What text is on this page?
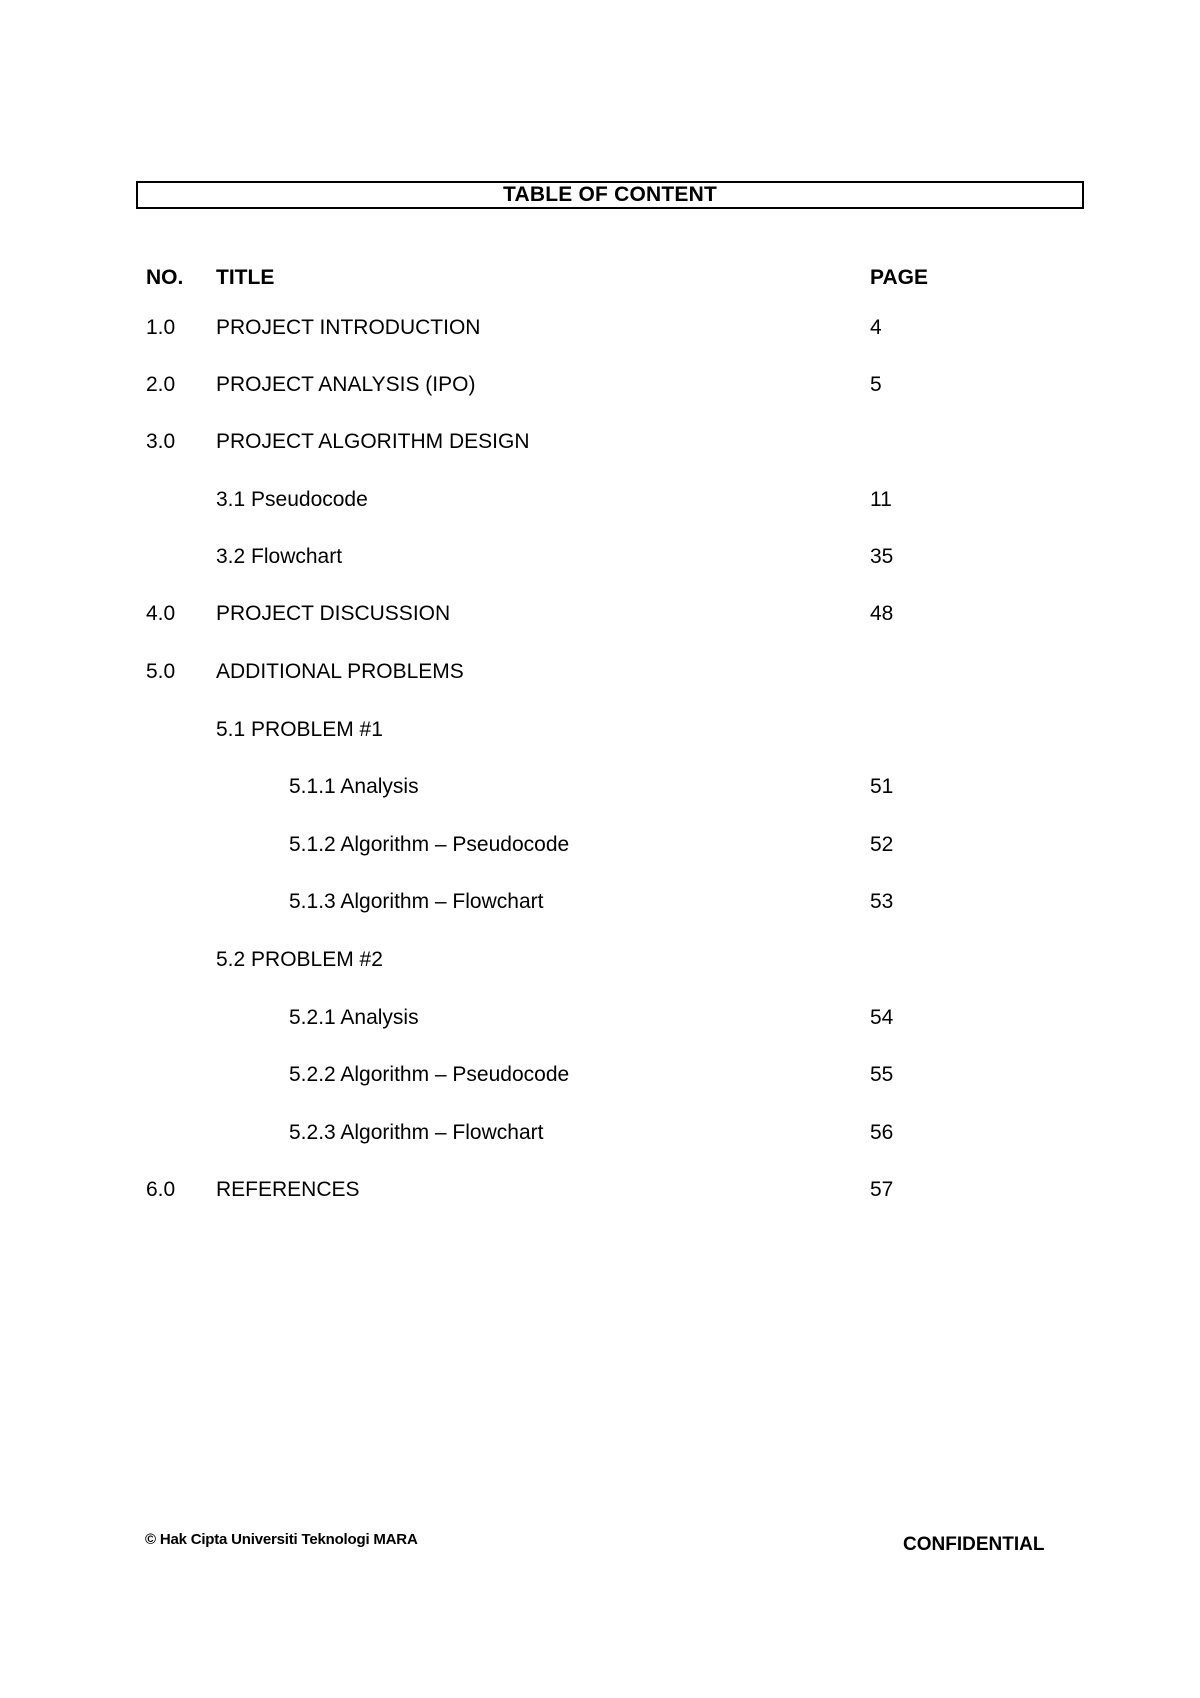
TABLE OF CONTENT
NO. TITLE	PAGE
1.0 PROJECT INTRODUCTION	4
2.0 PROJECT ANALYSIS (IPO)	5
3.0 PROJECT ALGORITHM DESIGN
3.1 Pseudocode	11
3.2 Flowchart	35
4.0 PROJECT DISCUSSION	48
5.0 ADDITIONAL PROBLEMS
5.1 PROBLEM #1
5.1.1 Analysis	51
5.1.2 Algorithm – Pseudocode	52
5.1.3 Algorithm – Flowchart	53
5.2 PROBLEM #2
5.2.1 Analysis	54
5.2.2 Algorithm – Pseudocode	55
5.2.3 Algorithm – Flowchart	56
6.0 REFERENCES	57
© Hak Cipta Universiti Teknologi MARA	CONFIDENTIAL
